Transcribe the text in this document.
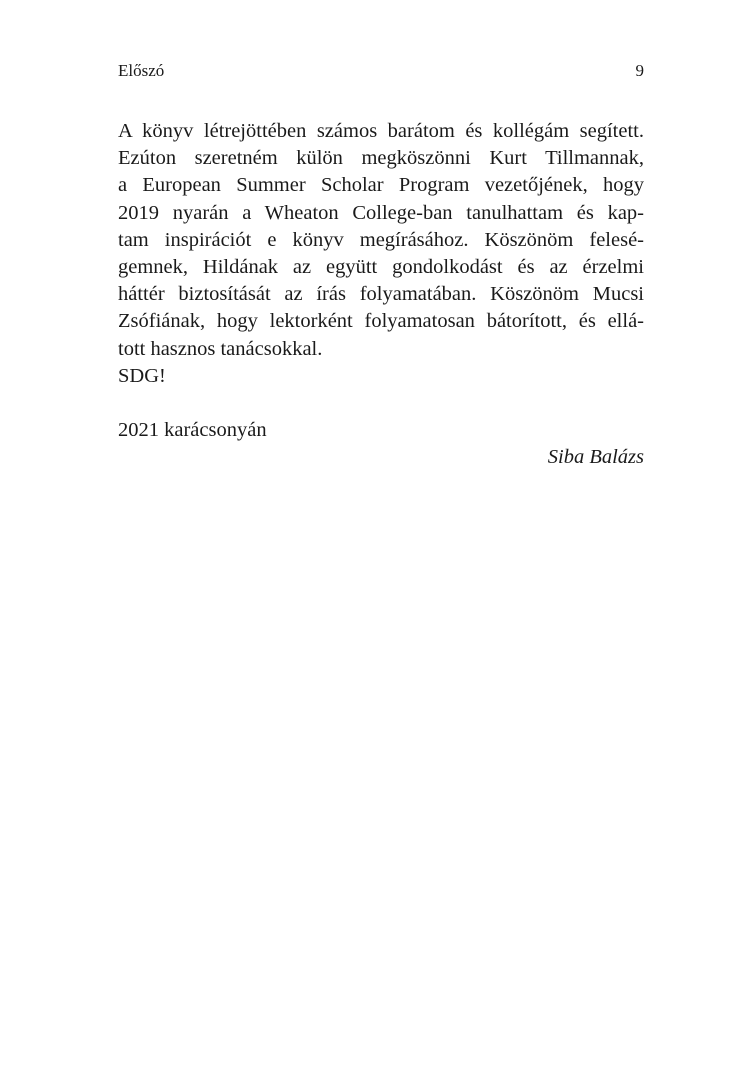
Előszó	9
A könyv létrejöttében számos barátom és kollégám segített.
Ezúton szeretném külön megköszönni Kurt Tillmannak,
a European Summer Scholar Program vezetőjének, hogy
2019 nyarán a Wheaton College-ban tanulhattam és kap-
tam inspirációt e könyv megírásához. Köszönöm felesé-
gemnek, Hildának az együtt gondolkodást és az érzelmi
háttér biztosítását az írás folyamatában. Köszönöm Mucsi
Zsófiának, hogy lektorként folyamatosan bátorított, és ellá-
tott hasznos tanácsokkal.
SDG!
2021 karácsonyán
Siba Balázs
